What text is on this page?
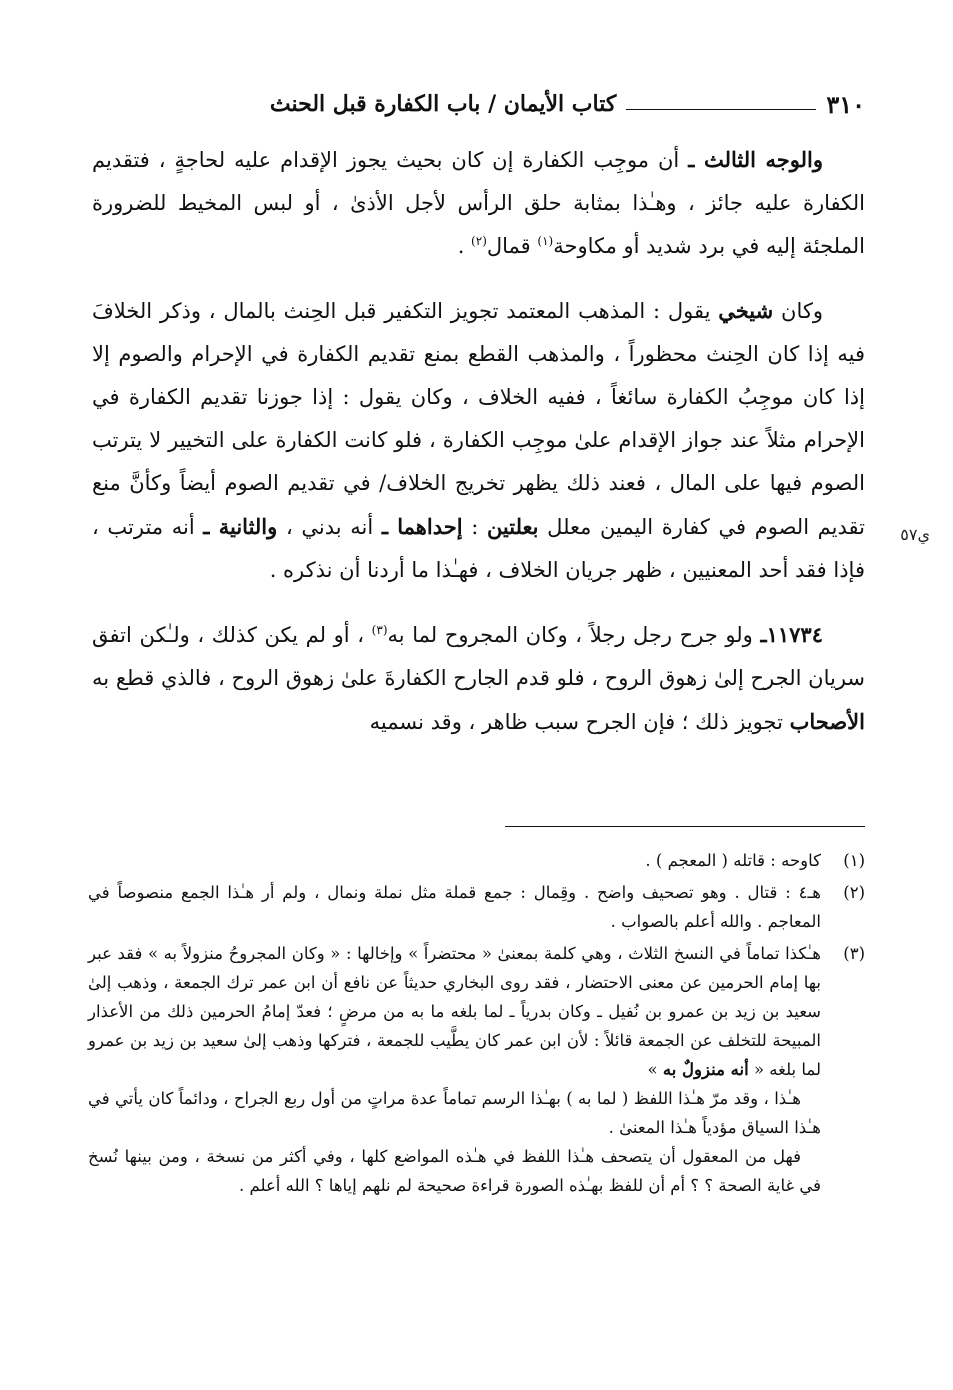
٣١٠
كتاب الأيمان / باب الكفارة قبل الحنث
ي٥٧

والوجه الثالث ـ أن موجِب الكفارة إن كان بحيث يجوز الإقدام عليه لحاجةٍ ، فتقديم الكفارة عليه جائز ، وهـٰذا بمثابة حلق الرأس لأجل الأذىٰ ، أو لبس المخيط للضرورة الملجئة إليه في برد شديد أو مكاوحة$^{(١)}$ قمال$^{(٢)}$ .

وكان شيخي يقول : المذهب المعتمد تجويز التكفير قبل الحِنث بالمال ، وذكر الخلافَ فيه إذا كان الحِنث محظوراً ، والمذهب القطع بمنع تقديم الكفارة في الإحرام والصوم إلا إذا كان موجِبُ الكفارة سائغاً ، ففيه الخلاف ، وكان يقول : إذا جوزنا تقديم الكفارة في الإحرام مثلاً عند جواز الإقدام علىٰ موجِب الكفارة ، فلو كانت الكفارة على التخيير لا يترتب الصوم فيها على المال ، فعند ذلك يظهر تخريج الخلاف/ في تقديم الصوم أيضاً وكأنَّ منع تقديم الصوم في كفارة اليمين معلل بعلتين : إحداهما ـ أنه بدني ، والثانية ـ أنه مترتب ، فإذا فقد أحد المعنيين ، ظهر جريان الخلاف ، فهـٰذا ما أردنا أن نذكره .

١١٧٣٤ـ ولو جرح رجل رجلاً ، وكان المجروح لما به$^{(٣)}$ ، أو لم يكن كذلك ، ولـٰكن اتفق سريان الجرح إلىٰ زهوق الروح ، فلو قدم الجارح الكفارةَ علىٰ زهوق الروح ، فالذي قطع به الأصحاب تجويز ذلك ؛ فإن الجرح سبب ظاهر ، وقد نسميه

(١)

كاوحه : قاتله ( المعجم ) .

(٢)

هـ٤ : قتال . وهو تصحيف واضح . وقِمال : جمع قملة مثل نملة ونمال ، ولم أر هـٰذا الجمع منصوصاً في المعاجم . والله أعلم بالصواب .

(٣)

هـٰكذا تماماً في النسخ الثلاث ، وهي كلمة بمعنىٰ « محتضراً » وإخالها : « وكان المجروحُ منزولاً به » فقد عبر بها إمام الحرمين عن معنى الاحتضار ، فقد روى البخاري حديثاً عن نافع أن ابن عمر ترك الجمعة ، وذهب إلىٰ سعيد بن زيد بن عمرو بن نُفيل ـ وكان بدرياً ـ لما بلغه ما به من مرضٍ ؛ فعدّ إمامُ الحرمين ذلك من الأعذار المبيحة للتخلف عن الجمعة قائلاً : لأن ابن عمر كان يطَّيب للجمعة ، فتركها وذهب إلىٰ سعيد بن زيد بن عمرو لما بلغه « أنه منزولٌ به »

هـٰذا ، وقد مرّ هـٰذا اللفظ ( لما به ) بهـٰذا الرسم تماماً عدة مراتٍ من أول ربع الجراح ، ودائماً كان يأتي في هـٰذا السياق مؤدياً هـٰذا المعنىٰ .

فهل من المعقول أن يتصحف هـٰذا اللفظ في هـٰذه المواضع كلها ، وفي أكثر من نسخة ، ومن بينها نُسخ في غاية الصحة ؟ ؟ أم أن للفظ بهـٰذه الصورة قراءة صحيحة لم نلهم إياها ؟ الله أعلم .
